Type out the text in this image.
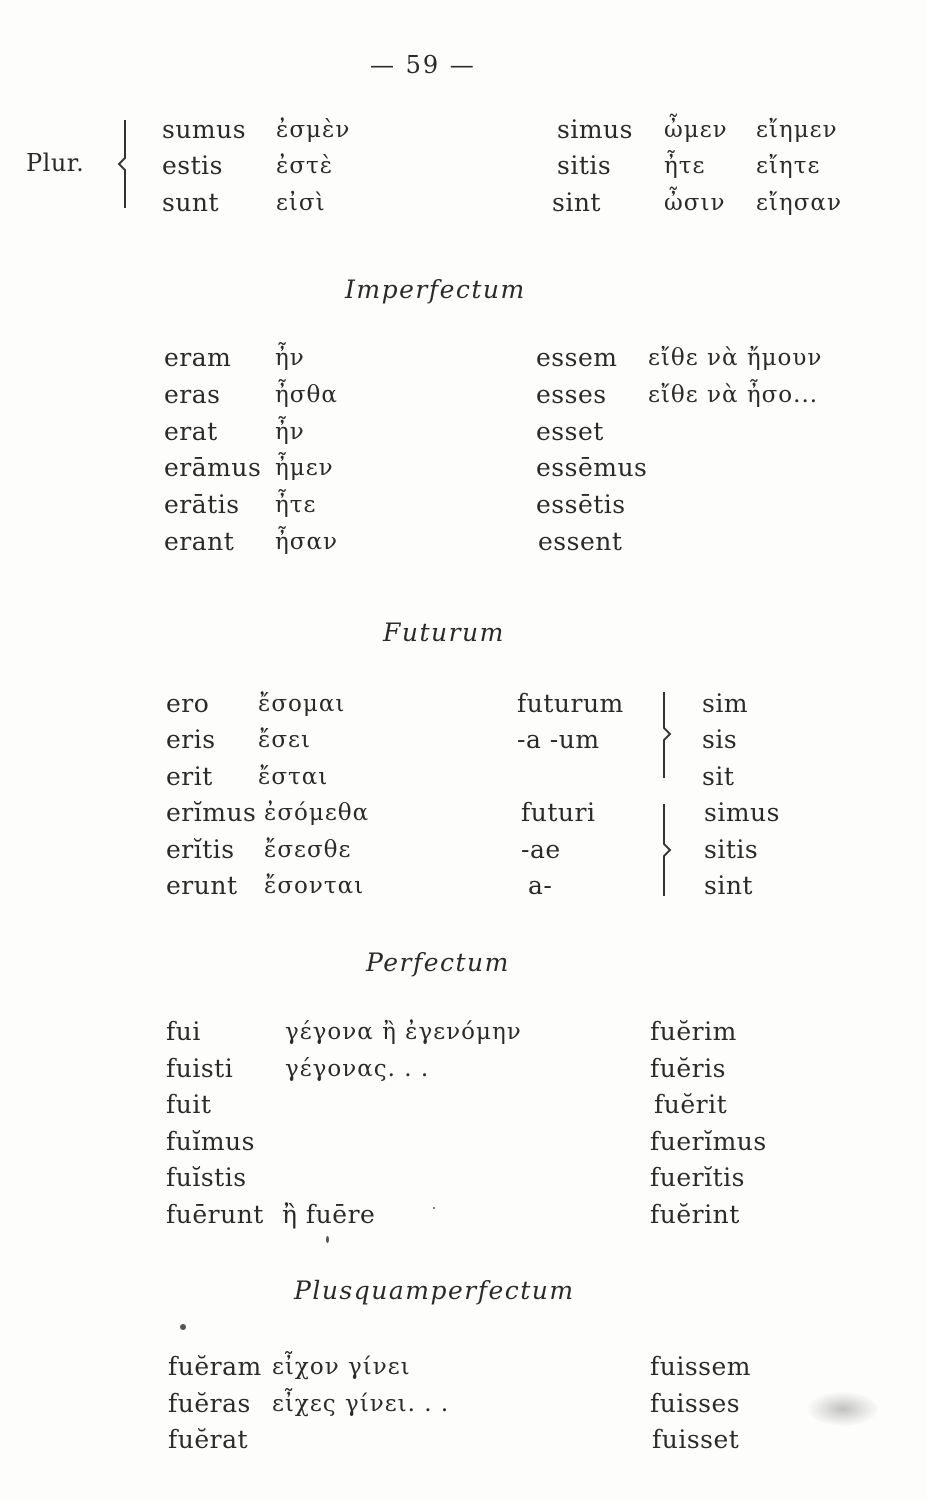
— 59 —
Plur.
sumus ἐσμὲν
estis ἐστὲ
sunt εἰσὶ
simus ὦμεν εἴημεν
sitis ἦτε εἴητε
sint	ὦσιν εἴησαν
Imperfectum
eram ἦν
eras ἦσθα
erat ἦν
erāmus ἦμεν
erātis ἦτε
erant ἦσαν
essem εἴθε νὰ ἤμουν
esses εἴθε νὰ ἦσο...
esset
essēmus
essētis
essent
Futurum
ero ἔσομαι
eris ἔσει
erit ἔσται
erĭmus ἐσόμεθα
erĭtis ἔσεσθε
erunt ἔσονται
futurum
-a -um
futuri
-ae
a-
sim
sis
sit
simus
sitis
sint
Perfectum
fui	γέγονα ἢ ἐγενόμην
fuisti γέγονας. . .
fuit
fuĭmus
fuĭstis
fuērunt ἢ fuēre
fuĕrim
fuĕris
fuĕrit
fuerĭmus
fuerĭtis
fuĕrint
Plusquamperfectum
fuĕram εἶχον γίνει
fuĕras εἶχες γίνει. . .
fuĕrat
fuissem
fuisses
fuisset
